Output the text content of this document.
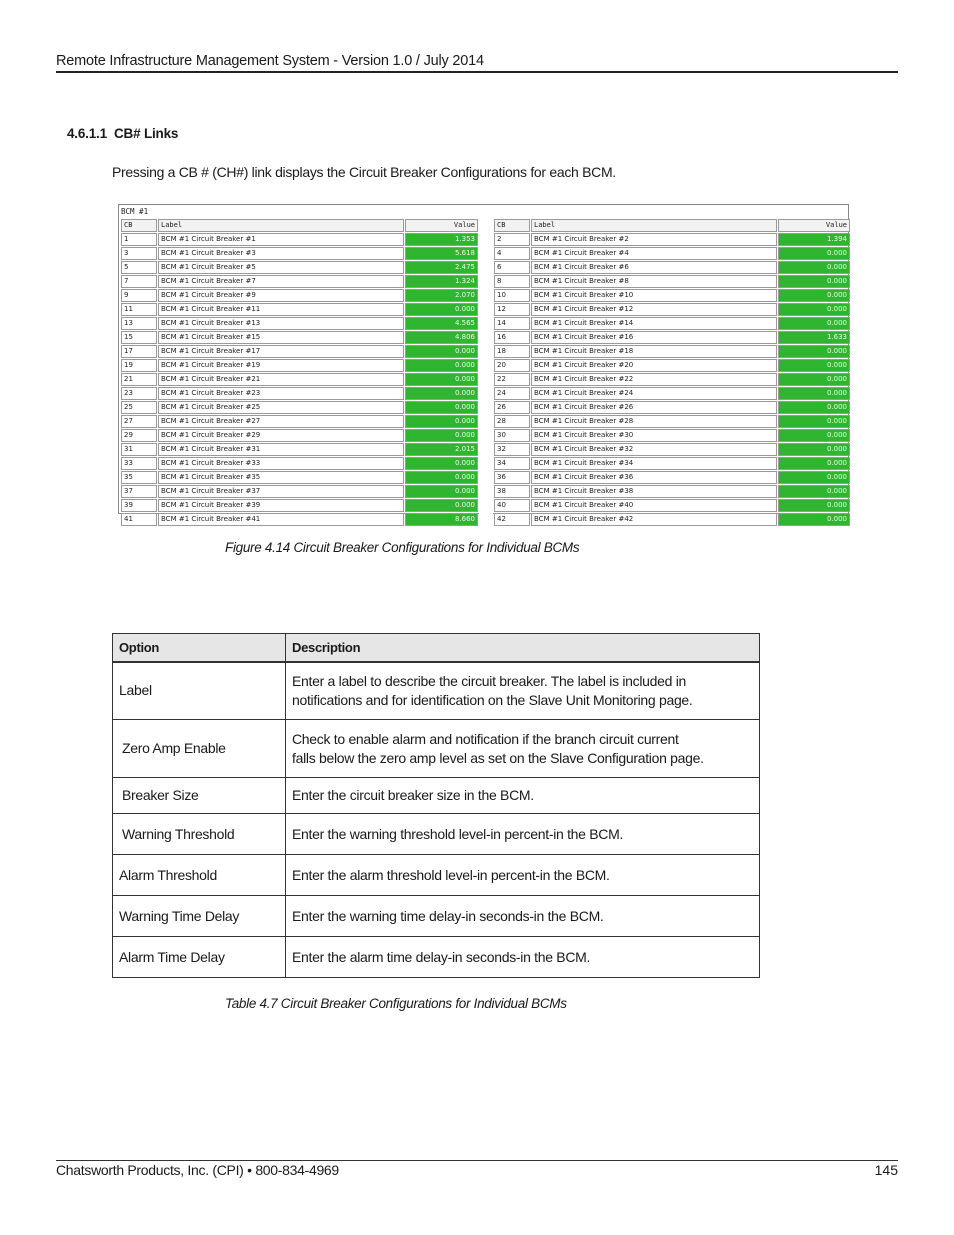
Remote Infrastructure Management System - Version 1.0 / July 2014
4.6.1.1  CB# Links
Pressing a CB # (CH#) link displays the Circuit Breaker Configurations for each BCM.
BCM #1
CB	Label	Value		CB	Label	Value
1	BCM #1 Circuit Breaker #1	1.353		2	BCM #1 Circuit Breaker #2	1.394
3	BCM #1 Circuit Breaker #3	5.618		4	BCM #1 Circuit Breaker #4	0.000
5	BCM #1 Circuit Breaker #5	2.475		6	BCM #1 Circuit Breaker #6	0.000
7	BCM #1 Circuit Breaker #7	1.324		8	BCM #1 Circuit Breaker #8	0.000
9	BCM #1 Circuit Breaker #9	2.070		10	BCM #1 Circuit Breaker #10	0.000
11	BCM #1 Circuit Breaker #11	0.000		12	BCM #1 Circuit Breaker #12	0.000
13	BCM #1 Circuit Breaker #13	4.565		14	BCM #1 Circuit Breaker #14	0.000
15	BCM #1 Circuit Breaker #15	4.806		16	BCM #1 Circuit Breaker #16	1.633
17	BCM #1 Circuit Breaker #17	0.000		18	BCM #1 Circuit Breaker #18	0.000
19	BCM #1 Circuit Breaker #19	0.000		20	BCM #1 Circuit Breaker #20	0.000
21	BCM #1 Circuit Breaker #21	0.000		22	BCM #1 Circuit Breaker #22	0.000
23	BCM #1 Circuit Breaker #23	0.000		24	BCM #1 Circuit Breaker #24	0.000
25	BCM #1 Circuit Breaker #25	0.000		26	BCM #1 Circuit Breaker #26	0.000
27	BCM #1 Circuit Breaker #27	0.000		28	BCM #1 Circuit Breaker #28	0.000
29	BCM #1 Circuit Breaker #29	0.000		30	BCM #1 Circuit Breaker #30	0.000
31	BCM #1 Circuit Breaker #31	2.015		32	BCM #1 Circuit Breaker #32	0.000
33	BCM #1 Circuit Breaker #33	0.000		34	BCM #1 Circuit Breaker #34	0.000
35	BCM #1 Circuit Breaker #35	0.000		36	BCM #1 Circuit Breaker #36	0.000
37	BCM #1 Circuit Breaker #37	0.000		38	BCM #1 Circuit Breaker #38	0.000
39	BCM #1 Circuit Breaker #39	0.000		40	BCM #1 Circuit Breaker #40	0.000
41	BCM #1 Circuit Breaker #41	8.660		42	BCM #1 Circuit Breaker #42	0.000
Figure 4.14 Circuit Breaker Configurations for Individual BCMs
Option	Description
Label	Enter a label to describe the circuit breaker. The label is included in
notifications and for identification on the Slave Unit Monitoring page.

Zero Amp Enable	Check to enable alarm and notification if the branch circuit current
falls below the zero amp level as set on the Slave Configuration page.

Breaker Size	Enter the circuit breaker size in the BCM.

Warning Threshold	Enter the warning threshold level-in percent-in the BCM.

Alarm Threshold	Enter the alarm threshold level-in percent-in the BCM.

Warning Time Delay	Enter the warning time delay-in seconds-in the BCM.

Alarm Time Delay	Enter the alarm time delay-in seconds-in the BCM.
Table 4.7 Circuit Breaker Configurations for Individual BCMs
Chatsworth Products, Inc. (CPI) • 800-834-4969	145
